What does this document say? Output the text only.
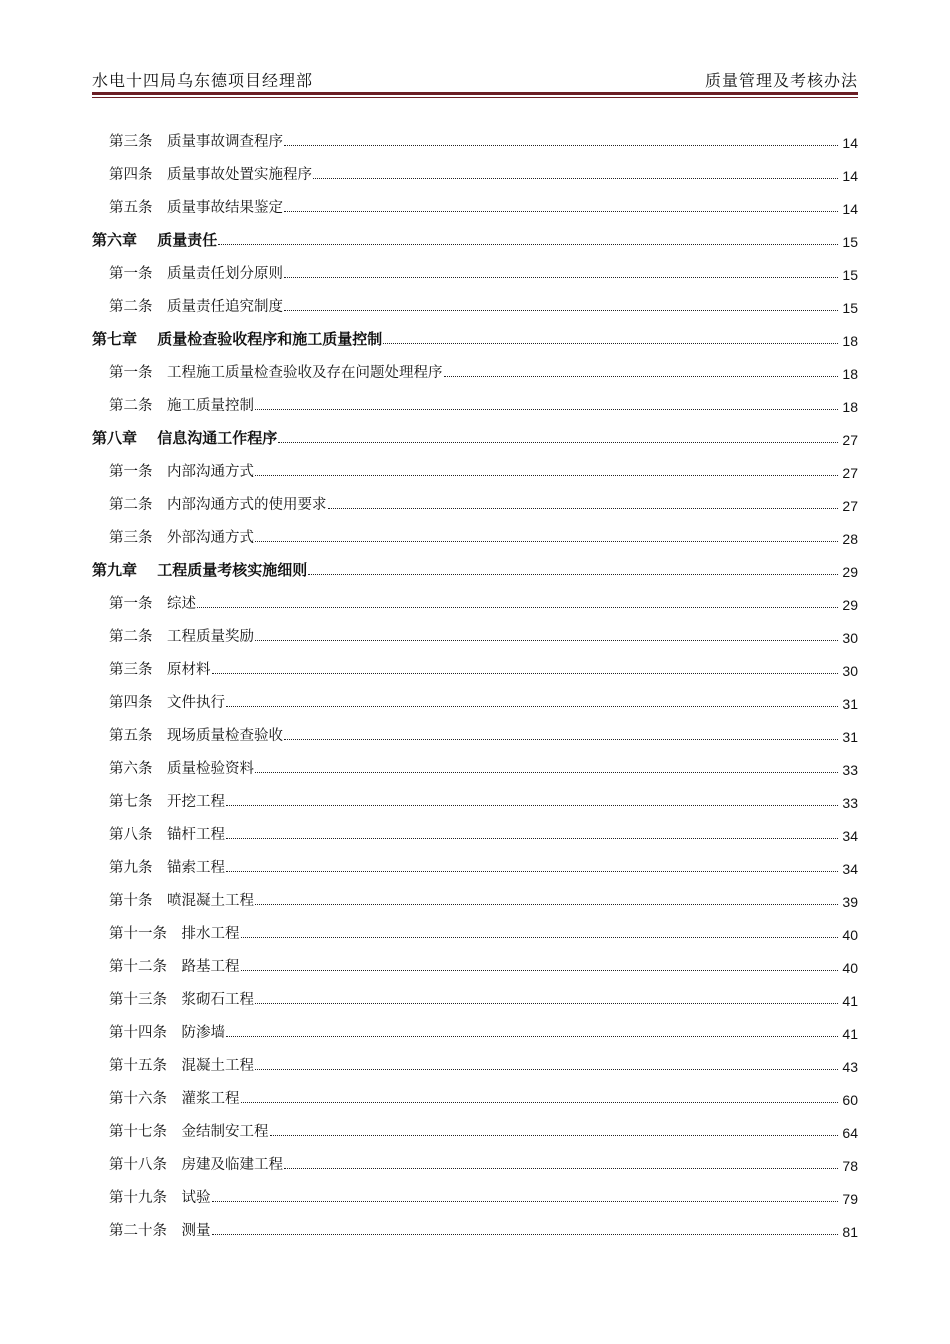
水电十四局乌东德项目经理部	质量管理及考核办法
第三条  质量事故调查程序	14
第四条  质量事故处置实施程序	14
第五条  质量事故结果鉴定	14
第六章  质量责任	15
第一条  质量责任划分原则	15
第二条  质量责任追究制度	15
第七章  质量检查验收程序和施工质量控制	18
第一条  工程施工质量检查验收及存在问题处理程序	18
第二条  施工质量控制	18
第八章  信息沟通工作程序	27
第一条  内部沟通方式	27
第二条  内部沟通方式的使用要求	27
第三条  外部沟通方式	28
第九章  工程质量考核实施细则	29
第一条  综述	29
第二条  工程质量奖励	30
第三条  原材料	30
第四条  文件执行	31
第五条  现场质量检查验收	31
第六条  质量检验资料	33
第七条  开挖工程	33
第八条  锚杆工程	34
第九条  锚索工程	34
第十条  喷混凝土工程	39
第十一条  排水工程	40
第十二条  路基工程	40
第十三条  浆砌石工程	41
第十四条  防渗墙	41
第十五条  混凝土工程	43
第十六条  灌浆工程	60
第十七条  金结制安工程	64
第十八条  房建及临建工程	78
第十九条  试验	79
第二十条  测量	81
